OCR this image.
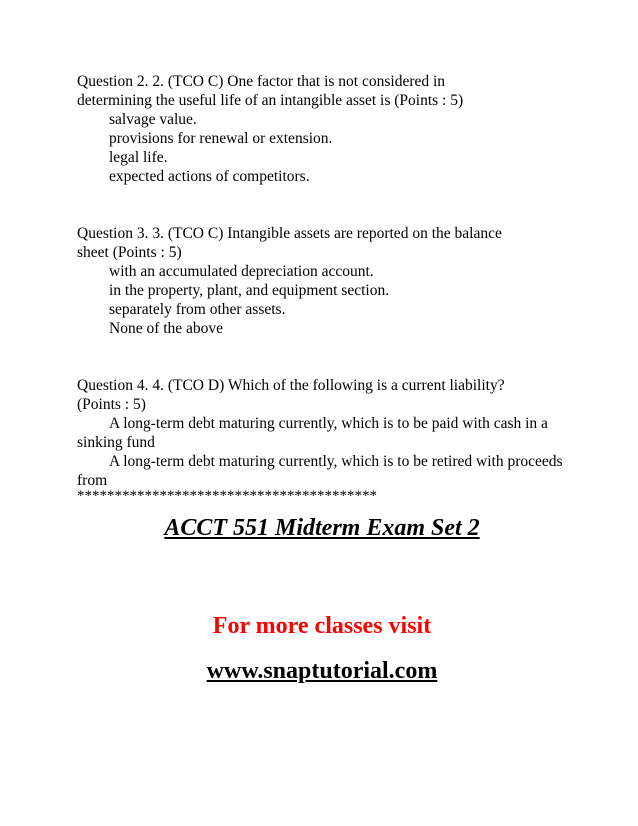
Question 2. 2. (TCO C) One factor that is not considered in
determining the useful life of an intangible asset is (Points : 5)
salvage value.
provisions for renewal or extension.
legal life.
expected actions of competitors.
Question 3. 3. (TCO C) Intangible assets are reported on the balance
sheet (Points : 5)
with an accumulated depreciation account.
in the property, plant, and equipment section.
separately from other assets.
None of the above
Question 4. 4. (TCO D) Which of the following is a current liability?
(Points : 5)
A long-term debt maturing currently, which is to be paid with cash in a sinking fund
A long-term debt maturing currently, which is to be retired with proceeds from
****************************************
ACCT 551 Midterm Exam Set 2
For more classes visit
www.snaptutorial.com
